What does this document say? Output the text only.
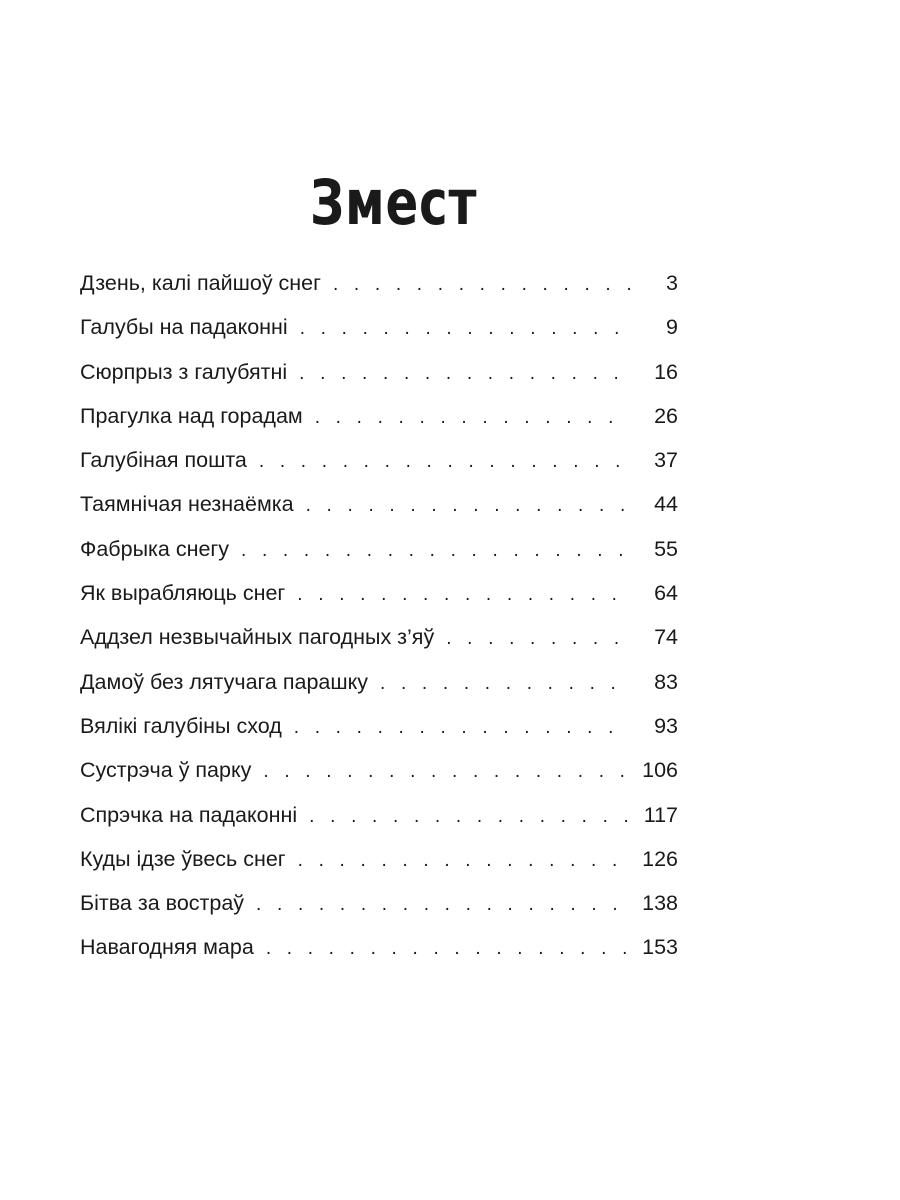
Змест
Дзень, калі пайшоў снег . . .	3
Галубы на падаконні . . .	9
Сюрпрыз з галубятні . . .	16
Прагулка над горадам . . .	26
Галубіная пошта . . .	37
Таямнічая незнаёмка . . .	44
Фабрыка снегу . . .	55
Як вырабляюць снег . . .	64
Аддзел незвычайных пагодных з’яў . . .	74
Дамоў без лятучага парашку . . .	83
Вялікі галубіны сход . . .	93
Сустрэча ў парку . . .	106
Спрэчка на падаконні . . .	117
Куды ідзе ўвесь снег . . .	126
Бітва за востраў . . .	138
Навагодняя мара . . .	153
